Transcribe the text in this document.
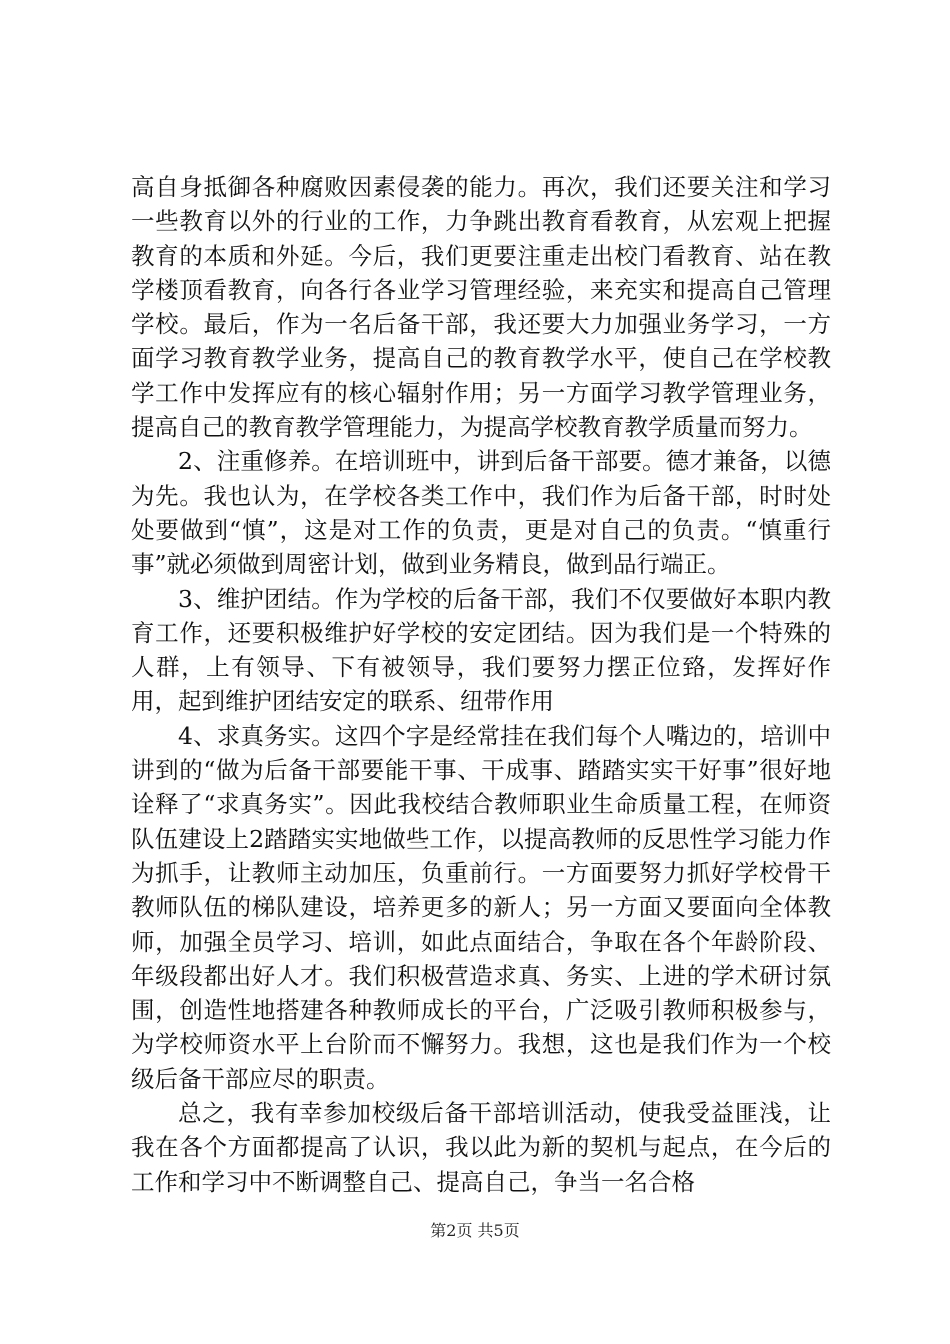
高自身抵御各种腐败因素侵袭的能力。再次，我们还要关注和学习一些教育以外的行业的工作，力争跳出教育看教育，从宏观上把握教育的本质和外延。今后，我们更要注重走出校门看教育、站在教学楼顶看教育，向各行各业学习管理经验，来充实和提高自己管理学校。最后，作为一名后备干部，我还要大力加强业务学习，一方面学习教育教学业务，提高自己的教育教学水平，使自己在学校教学工作中发挥应有的核心辐射作用；另一方面学习教学管理业务，提高自己的教育教学管理能力，为提高学校教育教学质量而努力。

2、注重修养。在培训班中，讲到后备干部要。德才兼备，以德为先。我也认为，在学校各类工作中，我们作为后备干部，时时处处要做到“慎”，这是对工作的负责，更是对自己的负责。“慎重行事”就必须做到周密计划，做到业务精良，做到品行端正。

3、维护团结。作为学校的后备干部，我们不仅要做好本职内教育工作，还要积极维护好学校的安定团结。因为我们是一个特殊的人群，上有领导、下有被领导，我们要努力摆正位臵，发挥好作用，起到维护团结安定的联系、纽带作用

4、求真务实。这四个字是经常挂在我们每个人嘴边的，培训中讲到的“做为后备干部要能干事、干成事、踏踏实实干好事”很好地诠释了“求真务实”。因此我校结合教师职业生命质量工程，在师资队伍建设上2踏踏实实地做些工作，以提高教师的反思性学习能力作为抓手，让教师主动加压，负重前行。一方面要努力抓好学校骨干教师队伍的梯队建设，培养更多的新人；另一方面又要面向全体教师，加强全员学习、培训，如此点面结合，争取在各个年龄阶段、年级段都出好人才。我们积极营造求真、务实、上进的学术研讨氛围，创造性地搭建各种教师成长的平台，广泛吸引教师积极参与，为学校师资水平上台阶而不懈努力。我想，这也是我们作为一个校级后备干部应尽的职责。

总之，我有幸参加校级后备干部培训活动，使我受益匪浅，让我在各个方面都提高了认识，我以此为新的契机与起点，在今后的工作和学习中不断调整自己、提高自己，争当一名合格

第2页 共5页
